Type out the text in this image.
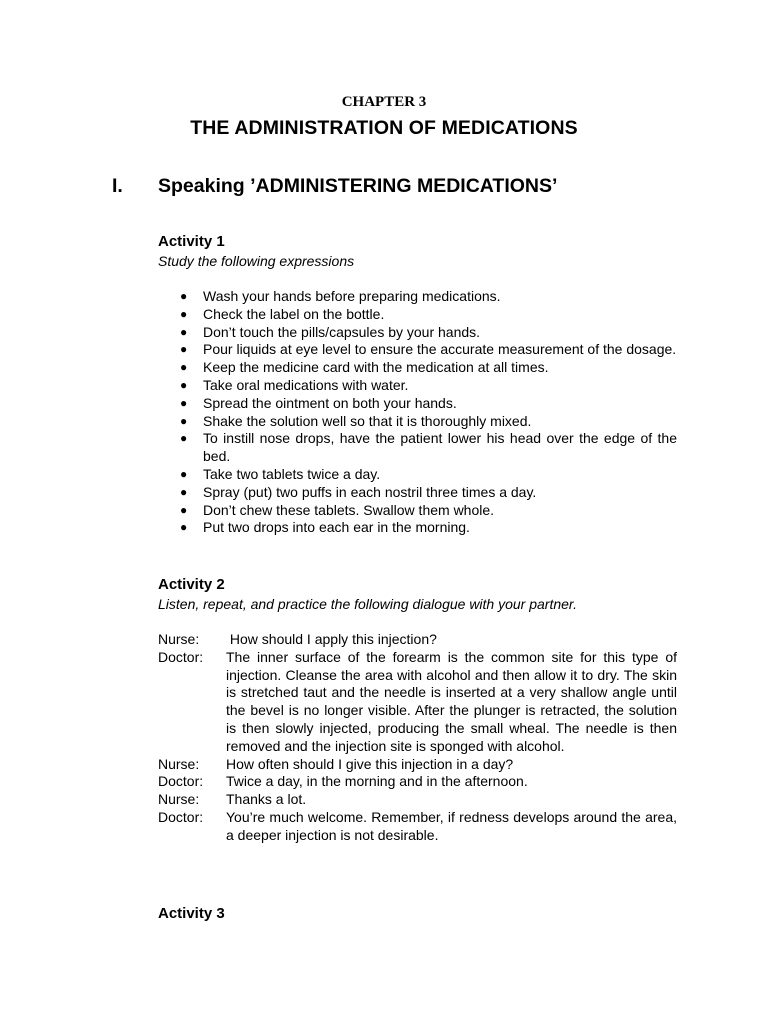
CHAPTER 3
THE ADMINISTRATION OF MEDICATIONS
I. Speaking ’ADMINISTERING MEDICATIONS’
Activity 1
Study the following expressions
● Wash your hands before preparing medications.
● Check the label on the bottle.
● Don’t touch the pills/capsules by your hands.
● Pour liquids at eye level to ensure the accurate measurement of the dosage.
● Keep the medicine card with the medication at all times.
● Take oral medications with water.
● Spread the ointment on both your hands.
● Shake the solution well so that it is thoroughly mixed.
● To instill nose drops, have the patient lower his head over the edge of the bed.
● Take two tablets twice a day.
● Spray (put) two puffs in each nostril three times a day.
● Don’t chew these tablets. Swallow them whole.
● Put two drops into each ear in the morning.
Activity 2
Listen, repeat, and practice the following dialogue with your partner.
Nurse:	How should I apply this injection?
Doctor:	The inner surface of the forearm is the common site for this type of injection. Cleanse the area with alcohol and then allow it to dry. The skin is stretched taut and the needle is inserted at a very shallow angle until the bevel is no longer visible. After the plunger is retracted, the solution is then slowly injected, producing the small wheal. The needle is then removed and the injection site is sponged with alcohol.
Nurse:	How often should I give this injection in a day?
Doctor:	Twice a day, in the morning and in the afternoon.
Nurse:	Thanks a lot.
Doctor:	You’re much welcome. Remember, if redness develops around the area, a deeper injection is not desirable.
Activity 3
